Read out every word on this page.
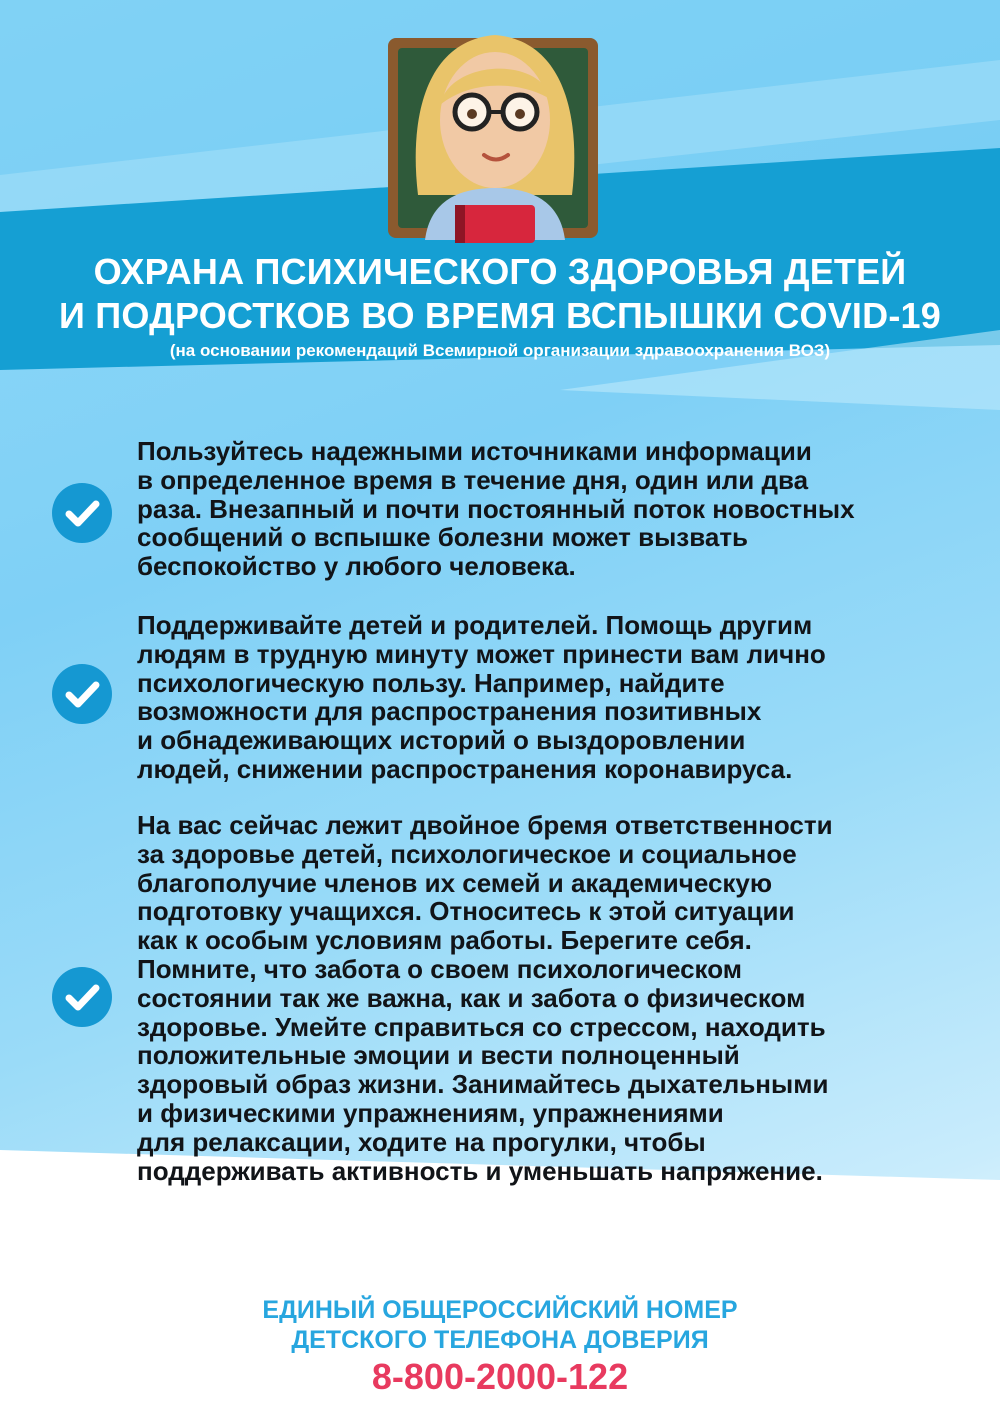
ОХРАНА ПСИХИЧЕСКОГО ЗДОРОВЬЯ ДЕТЕЙ
И ПОДРОСТКОВ ВО ВРЕМЯ ВСПЫШКИ COVID-19
(на основании рекомендаций Всемирной организации здравоохранения ВОЗ)

Пользуйтесь надежными источниками информации
в определенное время в течение дня, один или два
раза. Внезапный и почти постоянный поток новостных
сообщений о вспышке болезни может вызвать
беспокойство у любого человека.

Поддерживайте детей и родителей. Помощь другим
людям в трудную минуту может принести вам лично
психологическую пользу. Например, найдите
возможности для распространения позитивных
и обнадеживающих историй о выздоровлении
людей, снижении распространения коронавируса.

На вас сейчас лежит двойное бремя ответственности
за здоровье детей, психологическое и социальное
благополучие членов их семей и академическую
подготовку учащихся. Относитесь к этой ситуации
как к особым условиям работы. Берегите себя.
Помните, что забота о своем психологическом
состоянии так же важна, как и забота о физическом
здоровье. Умейте справиться со стрессом, находить
положительные эмоции и вести полноценный
здоровый образ жизни. Занимайтесь дыхательными
и физическими упражнениям, упражнениями
для релаксации, ходите на прогулки, чтобы
поддерживать активность и уменьшать напряжение.

ЕДИНЫЙ ОБЩЕРОССИЙСКИЙ НОМЕР
ДЕТСКОГО ТЕЛЕФОНА ДОВЕРИЯ
8-800-2000-122
